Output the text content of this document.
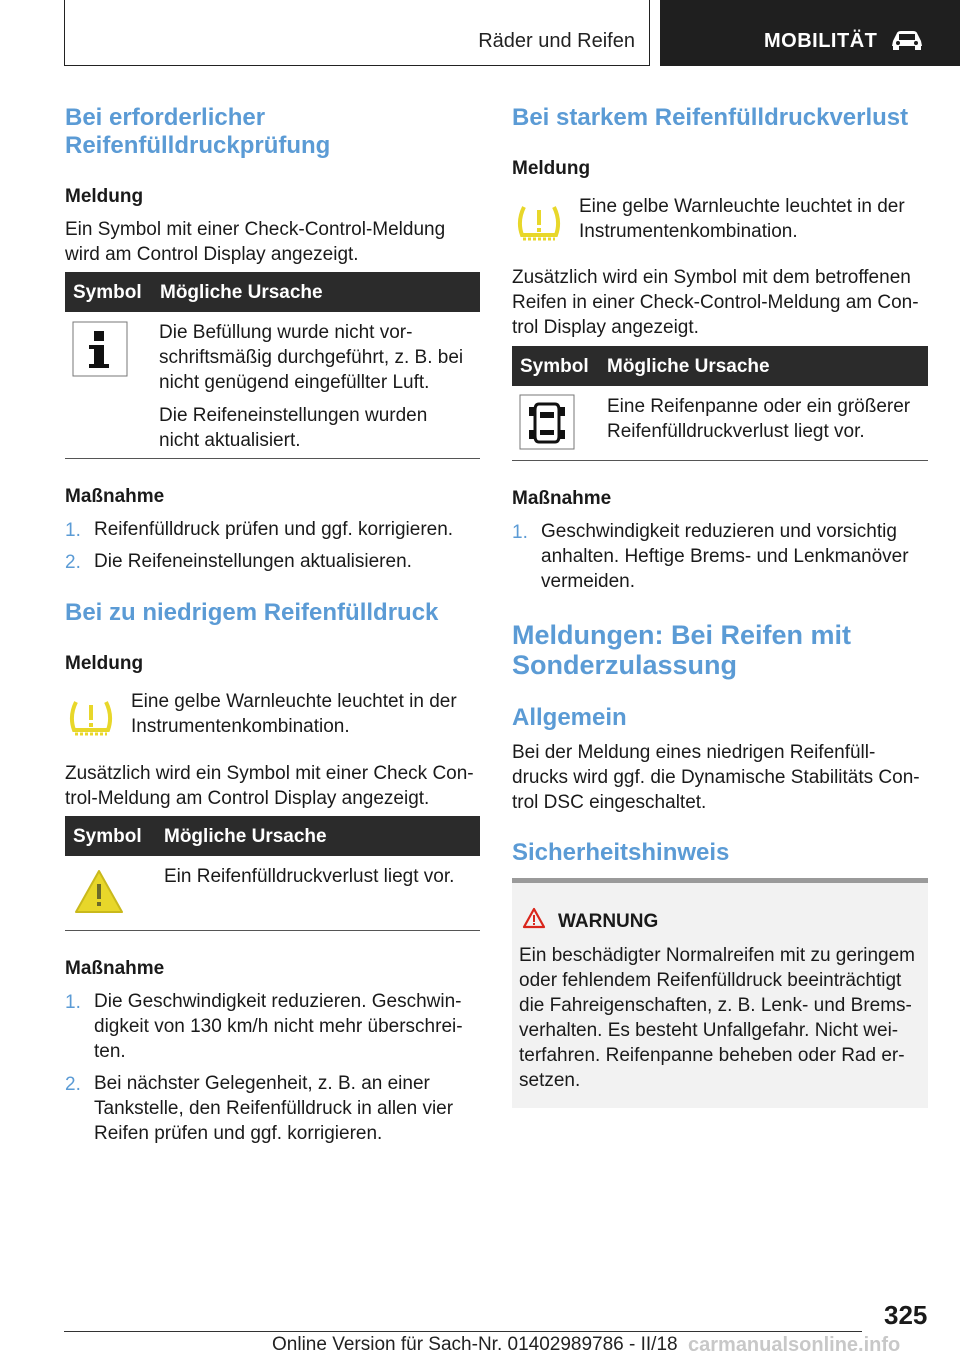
Räder und Reifen	MOBILITÄT
Bei erforderlicher
Reifenfülldruckprüfung
Meldung
Ein Symbol mit einer Check-Control-Meldung
wird am Control Display angezeigt.
Symbol Mögliche Ursache
Die Befüllung wurde nicht vor-
schriftsmäßig durchgeführt, z. B. bei
nicht genügend eingefüllter Luft.
Die Reifeneinstellungen wurden
nicht aktualisiert.
Maßnahme
1. Reifenfülldruck prüfen und ggf. korrigieren.
2. Die Reifeneinstellungen aktualisieren.
Bei zu niedrigem Reifenfülldruck
Meldung
Eine gelbe Warnleuchte leuchtet in der
Instrumentenkombination.
Zusätzlich wird ein Symbol mit einer Check Con-
trol-Meldung am Control Display angezeigt.
Symbol Mögliche Ursache
Ein Reifenfülldruckverlust liegt vor.
Maßnahme
1. Die Geschwindigkeit reduzieren. Geschwin-
digkeit von 130 km/h nicht mehr überschrei-
ten.
2. Bei nächster Gelegenheit, z. B. an einer
Tankstelle, den Reifenfülldruck in allen vier
Reifen prüfen und ggf. korrigieren.
Bei starkem Reifenfülldruckverlust
Meldung
Eine gelbe Warnleuchte leuchtet in der
Instrumentenkombination.
Zusätzlich wird ein Symbol mit dem betroffenen
Reifen in einer Check-Control-Meldung am Con-
trol Display angezeigt.
Symbol Mögliche Ursache
Eine Reifenpanne oder ein größerer
Reifenfülldruckverlust liegt vor.
Maßnahme
1. Geschwindigkeit reduzieren und vorsichtig
anhalten. Heftige Brems- und Lenkmanöver
vermeiden.
Meldungen: Bei Reifen mit
Sonderzulassung
Allgemein
Bei der Meldung eines niedrigen Reifenfüll-
drucks wird ggf. die Dynamische Stabilitäts Con-
trol DSC eingeschaltet.
Sicherheitshinweis
WARNUNG
Ein beschädigter Normalreifen mit zu geringem
oder fehlendem Reifenfülldruck beeinträchtigt
die Fahreigenschaften, z. B. Lenk- und Brems-
verhalten. Es besteht Unfallgefahr. Nicht wei-
terfahren. Reifenpanne beheben oder Rad er-
setzen.
325
Online Version für Sach-Nr. 01402989786 - II/18 carmanualsonline.info
